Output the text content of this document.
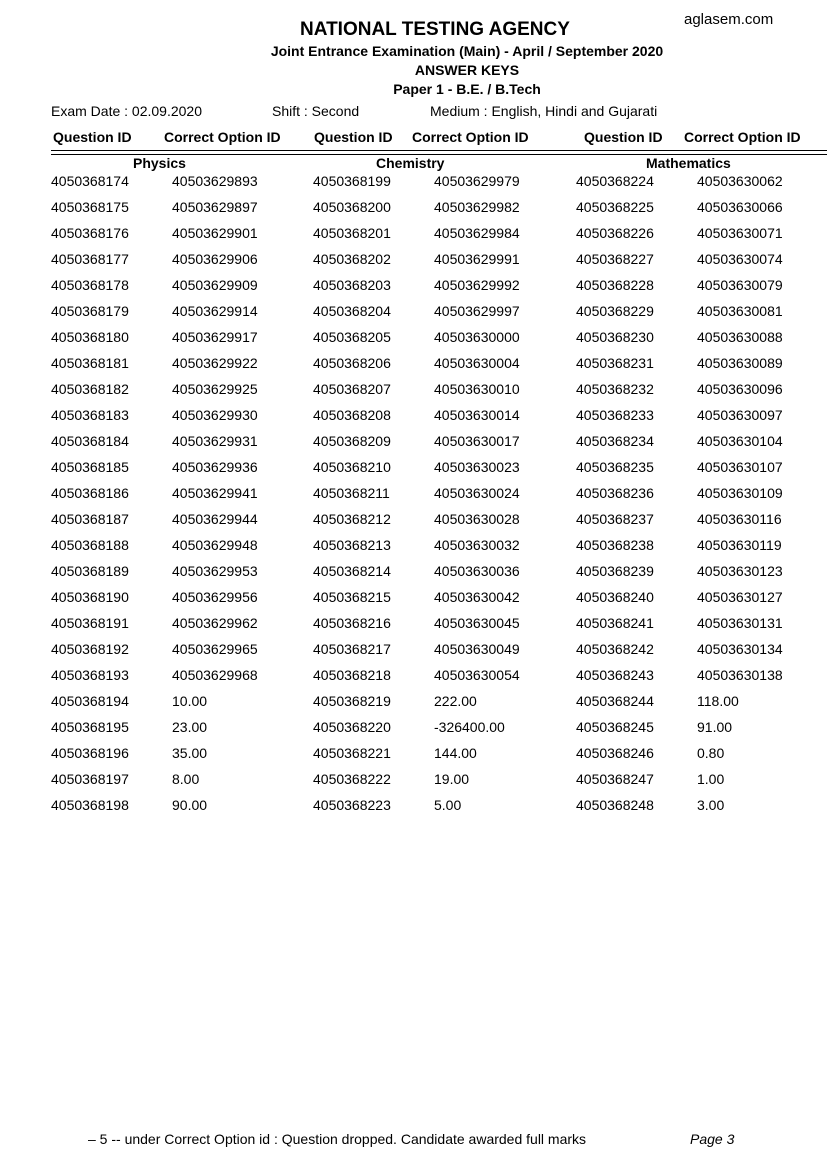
NATIONAL TESTING AGENCY	aglasem.com
Joint Entrance Examination (Main) - April / September 2020
ANSWER KEYS
Paper 1 - B.E. / B.Tech
Exam Date : 02.09.2020	Shift : Second	Medium : English, Hindi and Gujarati
Question ID Correct Option ID Question ID Correct Option ID	Question ID Correct Option ID
Physics	Chemistry	Mathematics
4050368174	40503629893	4050368199	40503629979	4050368224	40503630062
4050368175	40503629897	4050368200	40503629982	4050368225	40503630066
4050368176	40503629901	4050368201	40503629984	4050368226	40503630071
4050368177	40503629906	4050368202	40503629991	4050368227	40503630074
4050368178	40503629909	4050368203	40503629992	4050368228	40503630079
4050368179	40503629914	4050368204	40503629997	4050368229	40503630081
4050368180	40503629917	4050368205	40503630000	4050368230	40503630088
4050368181	40503629922	4050368206	40503630004	4050368231	40503630089
4050368182	40503629925	4050368207	40503630010	4050368232	40503630096
4050368183	40503629930	4050368208	40503630014	4050368233	40503630097
4050368184	40503629931	4050368209	40503630017	4050368234	40503630104
4050368185	40503629936	4050368210	40503630023	4050368235	40503630107
4050368186	40503629941	4050368211	40503630024	4050368236	40503630109
4050368187	40503629944	4050368212	40503630028	4050368237	40503630116
4050368188	40503629948	4050368213	40503630032	4050368238	40503630119
4050368189	40503629953	4050368214	40503630036	4050368239	40503630123
4050368190	40503629956	4050368215	40503630042	4050368240	40503630127
4050368191	40503629962	4050368216	40503630045	4050368241	40503630131
4050368192	40503629965	4050368217	40503630049	4050368242	40503630134
4050368193	40503629968	4050368218	40503630054	4050368243	40503630138
4050368194	10.00	4050368219	222.00	4050368244	118.00
4050368195	23.00	4050368220	-326400.00	4050368245	91.00
4050368196	35.00	4050368221	144.00	4050368246	0.80
4050368197	8.00	4050368222	19.00	4050368247	1.00
4050368198	90.00	4050368223	5.00	4050368248	3.00
– 5 -- under Correct Option id : Question dropped. Candidate awarded full marks	Page 3
